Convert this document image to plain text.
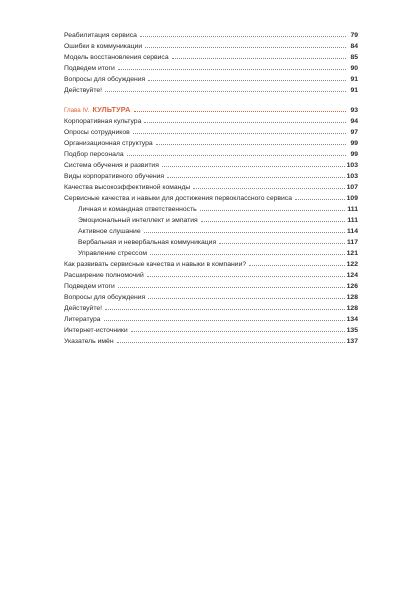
Реабилитация сервиса	79
Ошибки в коммуникации	84
Модель восстановления сервиса	85
Подведем итоги	90
Вопросы для обсуждения	91
Действуйте!	91
Глава IV. КУЛЬТУРА	93
Корпоративная культура	94
Опросы сотрудников	97
Организационная структура	99
Подбор персонала	99
Система обучения и развития	103
Виды корпоративного обучения	103
Качества высокоэффективной команды	107
Сервисные качества и навыки для достижения первоклассного сервиса	109
Личная и командная ответственность	111
Эмоциональный интеллект и эмпатия	111
Активное слушание	114
Вербальная и невербальная коммуникация	117
Управление стрессом	121
Как развивать сервисные качества и навыки в компании?	122
Расширение полномочий	124
Подведем итоги	126
Вопросы для обсуждения	128
Действуйте!	128
Литература	134
Интернет-источники	135
Указатель имён	137
